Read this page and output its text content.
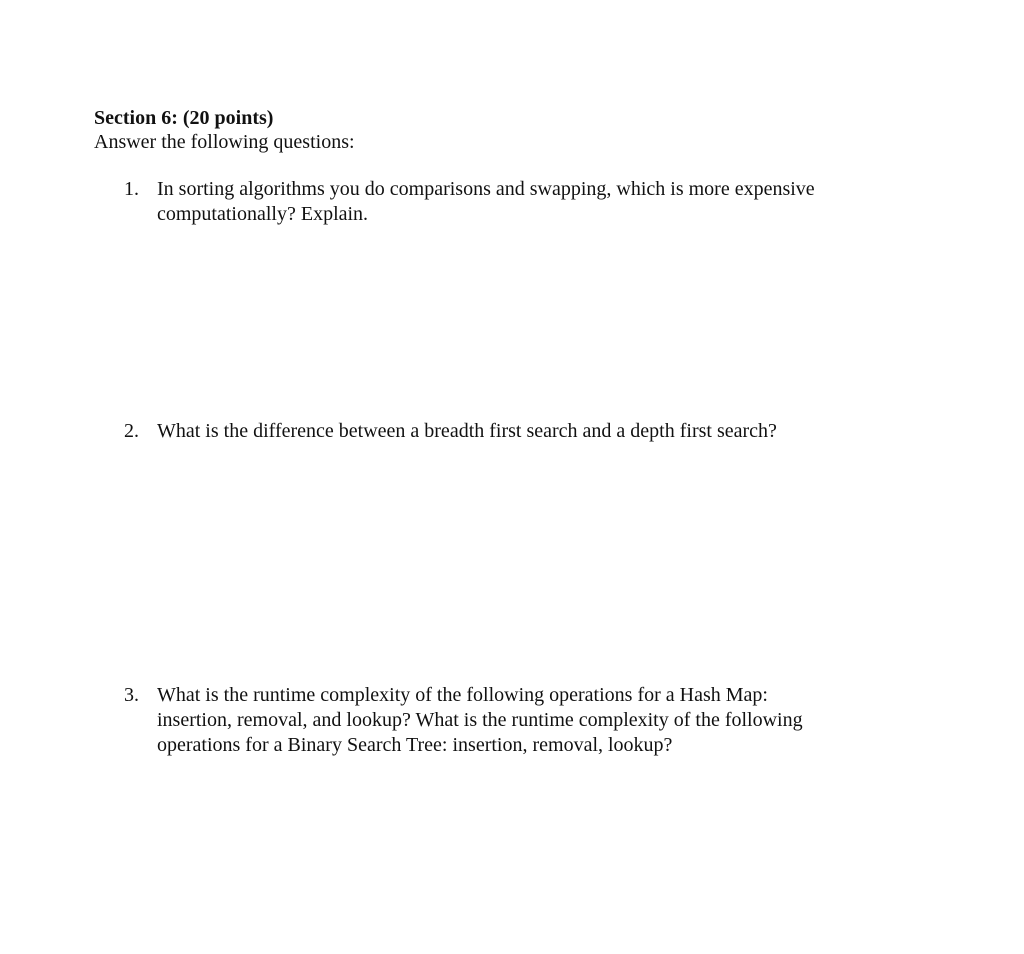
Section 6: (20 points)
Answer the following questions:
1. In sorting algorithms you do comparisons and swapping, which is more expensive
computationally? Explain.
2. What is the difference between a breadth first search and a depth first search?
3. What is the runtime complexity of the following operations for a Hash Map:
insertion, removal, and lookup? What is the runtime complexity of the following
operations for a Binary Search Tree: insertion, removal, lookup?
